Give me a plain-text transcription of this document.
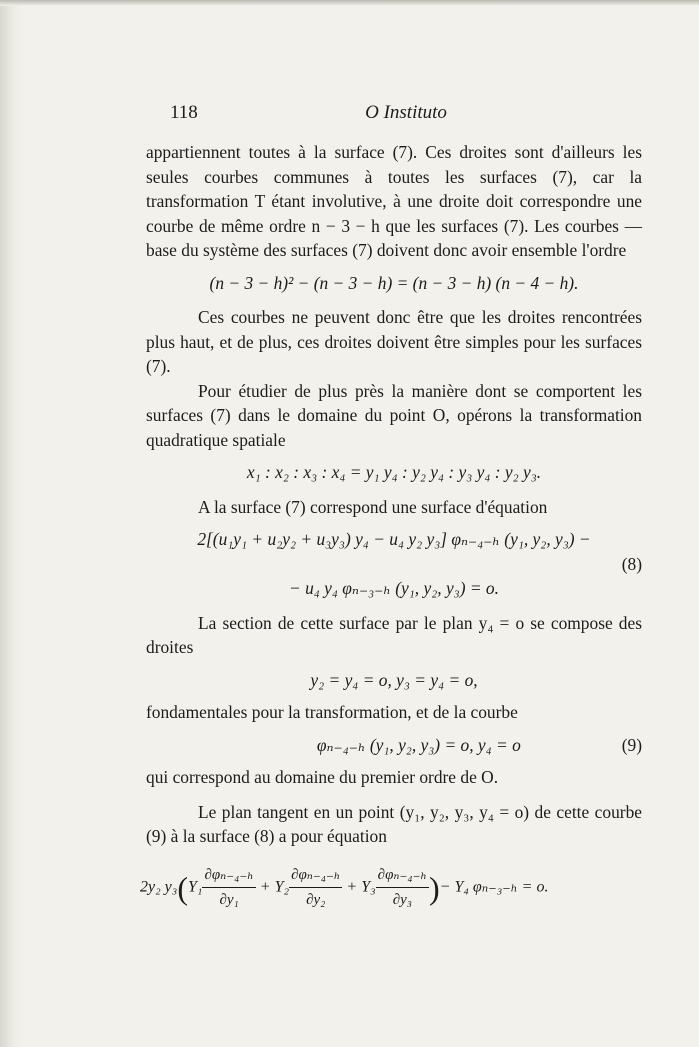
118	O Instituto

appartiennent toutes à la surface (7). Ces droites sont d'ailleurs les seules courbes communes à toutes les surfaces (7), car la transformation T étant involutive, à une droite doit correspondre une courbe de même ordre n − 3 − h que les surfaces (7). Les courbes — base du système des surfaces (7) doivent donc avoir ensemble l'ordre

(n − 3 − h)² − (n − 3 − h) = (n − 3 − h) (n − 4 − h).

Ces courbes ne peuvent donc être que les droites rencontrées plus haut, et de plus, ces droites doivent être simples pour les surfaces (7).

Pour étudier de plus près la manière dont se comportent les surfaces (7) dans le domaine du point O, opérons la transformation quadratique spatiale

x₁ : x₂ : x₃ : x₄ = y₁ y₄ : y₂ y₄ : y₃ y₄ : y₂ y₃.

A la surface (7) correspond une surface d'équation

2[(u₁y₁ + u₂y₂ + u₃y₃) y₄ − u₄ y₂ y₃] φₙ₋₄₋ₕ (y₁, y₂, y₃) −
(8)
− u₄ y₄ φₙ₋₃₋ₕ (y₁, y₂, y₃) = o.

La section de cette surface par le plan y₄ = o se compose des droites

y₂ = y₄ = o, y₃ = y₄ = o,

fondamentales pour la transformation, et de la courbe

φₙ₋₄₋ₕ (y₁, y₂, y₃) = o, y₄ = o	(9)

qui correspond au domaine du premier ordre de O.

Le plan tangent en un point (y₁, y₂, y₃, y₄ = o) de cette courbe (9) à la surface (8) a pour équation

2y₂ $y_3(Y_1 \frac{\text{∂φₙ₋₄₋ₕ}}{\text{∂y₁}} + Y_2 \frac{\text{∂φₙ₋₄₋ₕ}}{\text{∂y₂}} + Y_3 \frac{\text{∂φₙ₋₄₋ₕ}}{\text{∂y₃}}$ )− Y₄ φₙ₋₃₋ₕ = o.
